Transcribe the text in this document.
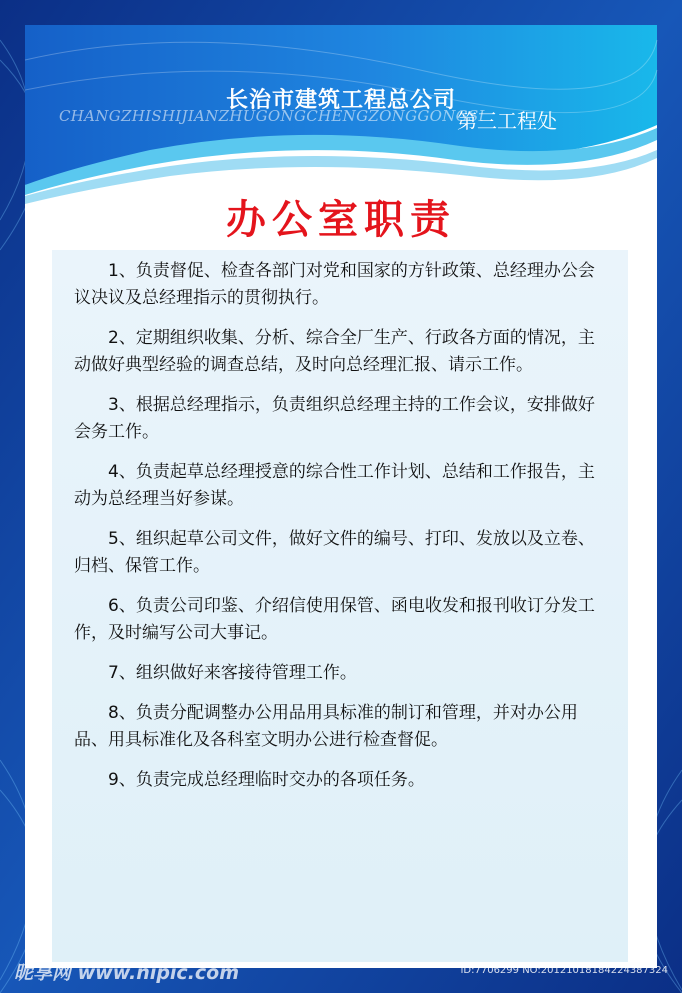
长治市建筑工程总公司
CHANGZHISHIJIANZHUGONGCHENGZONGGONGSI
第三工程处
办公室职责

1、负责督促、检查各部门对党和国家的方针政策、总经理办公会议决议及总经理指示的贯彻执行。

2、定期组织收集、分析、综合全厂生产、行政各方面的情况，主动做好典型经验的调查总结，及时向总经理汇报、请示工作。

3、根据总经理指示，负责组织总经理主持的工作会议，安排做好会务工作。

4、负责起草总经理授意的综合性工作计划、总结和工作报告，主动为总经理当好参谋。

5、组织起草公司文件，做好文件的编号、打印、发放以及立卷、归档、保管工作。

6、负责公司印鉴、介绍信使用保管、函电收发和报刊收订分发工作，及时编写公司大事记。

7、组织做好来客接待管理工作。

8、负责分配调整办公用品用具标准的制订和管理，并对办公用品、用具标准化及各科室文明办公进行检查督促。

9、负责完成总经理临时交办的各项任务。

昵享网 www.nipic.com	ID:7706299 NO:20121018184224387324
